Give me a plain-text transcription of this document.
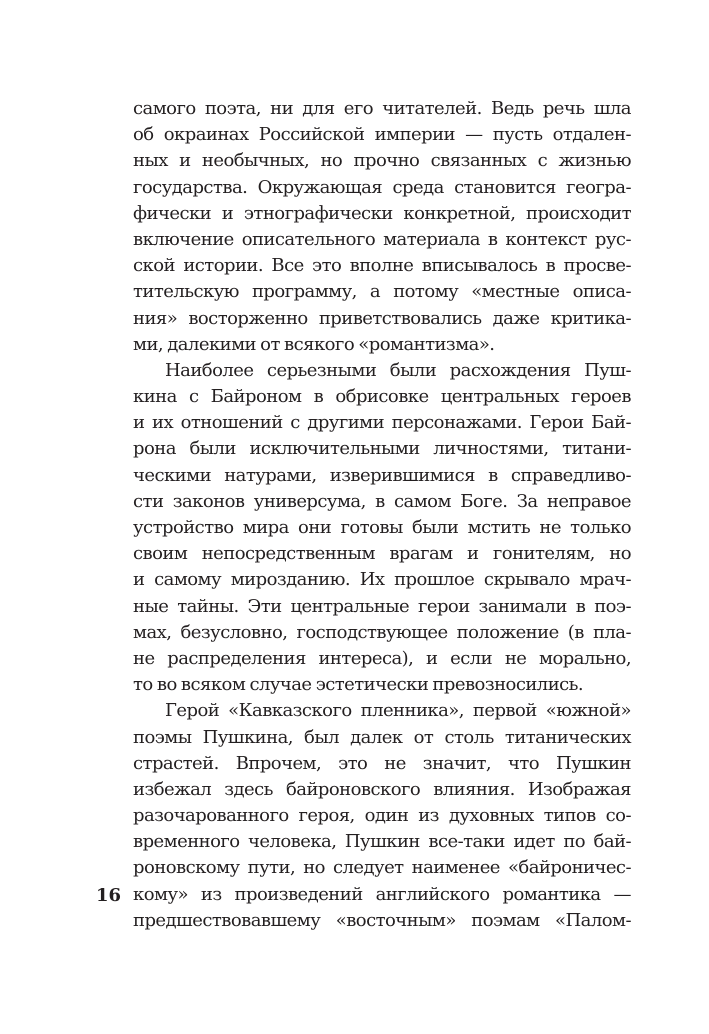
самого поэта, ни для его читателей. Ведь речь шла
об окраинах Российской империи — пусть отдален-
ных и необычных, но прочно связанных с жизнью
государства. Окружающая среда становится геогра-
фически и этнографически конкретной, происходит
включение описательного материала в контекст рус-
ской истории. Все это вполне вписывалось в просве-
тительскую программу, а потому «местные описа-
ния» восторженно приветствовались даже критика-
ми, далекими от всякого «романтизма».
Наиболее серьезными были расхождения Пуш-
кина с Байроном в обрисовке центральных героев
и их отношений с другими персонажами. Герои Бай-
рона были исключительными личностями, титани-
ческими натурами, изверившимися в справедливо-
сти законов универсума, в самом Боге. За неправое
устройство мира они готовы были мстить не только
своим непосредственным врагам и гонителям, но
и самому мирозданию. Их прошлое скрывало мрач-
ные тайны. Эти центральные герои занимали в поэ-
мах, безусловно, господствующее положение (в пла-
не распределения интереса), и если не морально,
то во всяком случае эстетически превозносились.
Герой «Кавказского пленника», первой «южной»
поэмы Пушкина, был далек от столь титанических
страстей. Впрочем, это не значит, что Пушкин
избежал здесь байроновского влияния. Изображая
разочарованного героя, один из духовных типов со-
временного человека, Пушкин все-таки идет по бай-
роновскому пути, но следует наименее «байроничес-
кому» из произведений английского романтика —
предшествовавшему «восточным» поэмам «Палом-
16
